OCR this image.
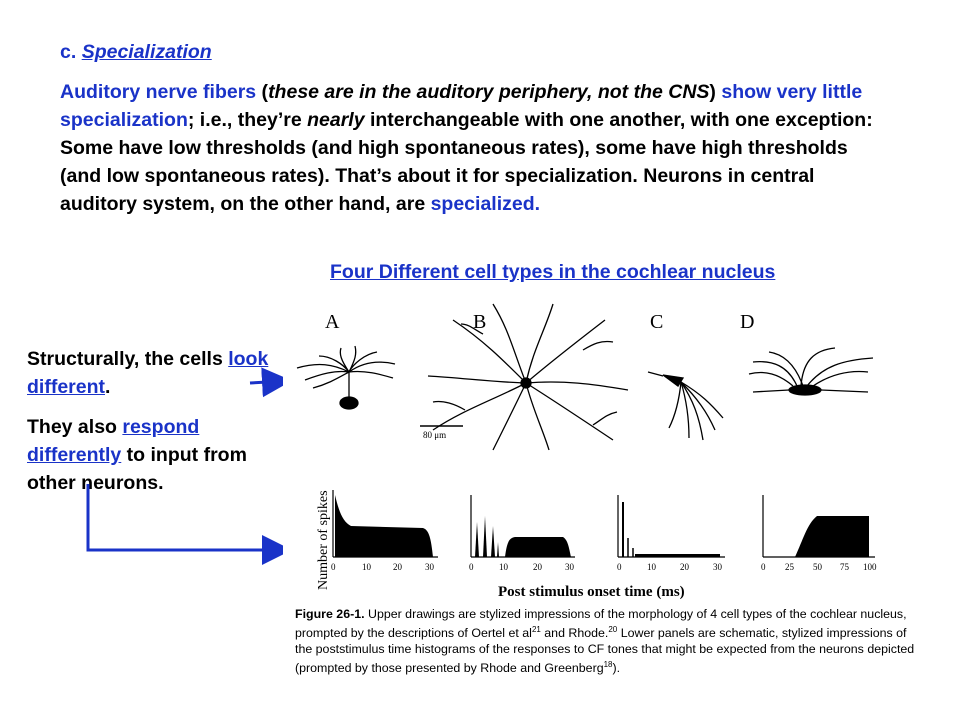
c. Specialization

Auditory nerve fibers (these are in the auditory periphery, not the CNS) show very little specialization; i.e., they’re nearly interchangeable with one another, with one exception: Some have low thresholds (and high spontaneous rates), some have high thresholds (and low spontaneous rates). That’s about it for specialization. Neurons in central auditory system, on the other hand, are specialized.

Four Different cell types in the cochlear nucleus

Structurally, the cells look different.

They also respond differently to input from other neurons.

A	B	C	D
80 μm
Number of spikes 0	10 20	30	0	10	20	30	0	10	20	30	0 25 50 75 100
Post stimulus onset time (ms)
Figure 26-1. Upper drawings are stylized impressions of the morphology of 4 cell types of the cochlear nucleus, prompted by the descriptions of Oertel et $al^{21}$ and Rhode.$^{20}$ Lower panels are schematic, stylized impressions of the poststimulus time histograms of the responses to CF tones that might be expected from the neurons depicted (prompted by those presented by Rhode and Greenberg$^{18}$).
